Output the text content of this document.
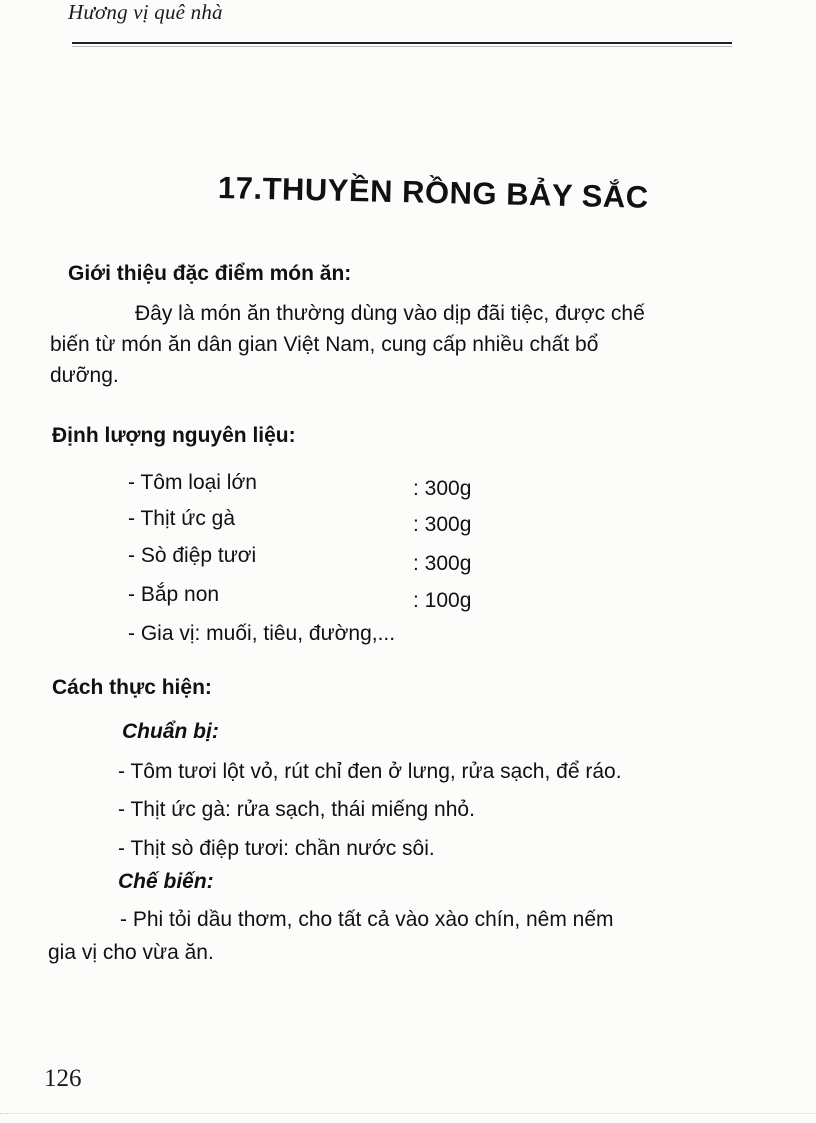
Hương vị quê nhà
17.THUYỀN RỒNG BẢY SẮC
Giới thiệu đặc điểm món ăn:
Đây là món ăn thường dùng vào dịp đãi tiệc, được chế
biến từ món ăn dân gian Việt Nam, cung cấp nhiều chất bổ
dưỡng.
Định lượng nguyên liệu:
- Tôm loại lớn	: 300g
- Thịt ức gà	: 300g
- Sò điệp tươi	: 300g
- Bắp non	: 100g
- Gia vị: muối, tiêu, đường,...
Cách thực hiện:
Chuẩn bị:
- Tôm tươi lột vỏ, rút chỉ đen ở lưng, rửa sạch, để ráo.
- Thịt ức gà: rửa sạch, thái miếng nhỏ.
- Thịt sò điệp tươi: chần nước sôi.
Chế biến:
- Phi tỏi dầu thơm, cho tất cả vào xào chín, nêm nếm
gia vị cho vừa ăn.
126
